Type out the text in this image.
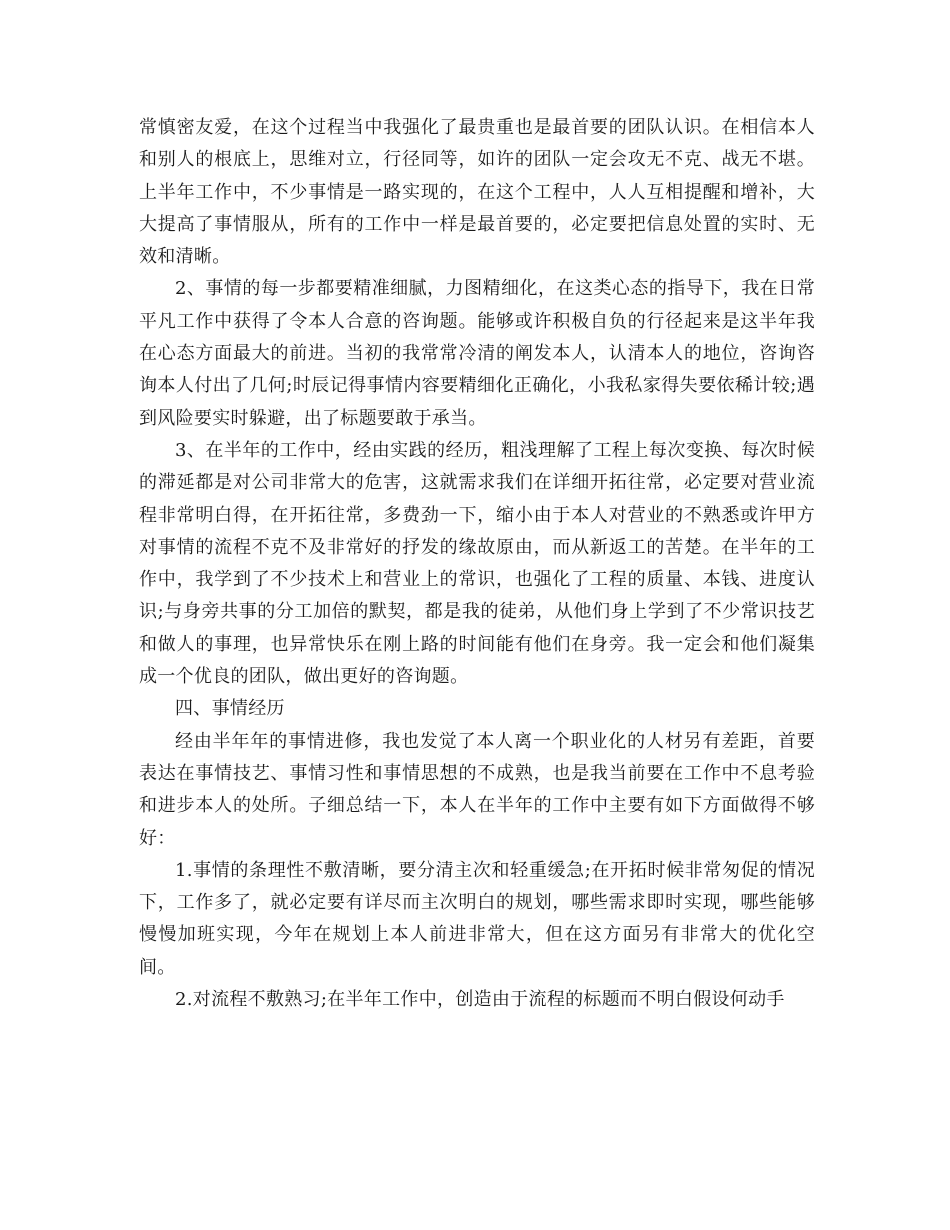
常慎密友爱，在这个过程当中我强化了最贵重也是最首要的团队认识。在相信本人和别人的根底上，思维对立，行径同等，如许的团队一定会攻无不克、战无不堪。上半年工作中，不少事情是一路实现的，在这个工程中，人人互相提醒和增补，大大提高了事情服从，所有的工作中一样是最首要的，必定要把信息处置的实时、无效和清晰。

2、事情的每一步都要精准细腻，力图精细化，在这类心态的指导下，我在日常平凡工作中获得了令本人合意的咨询题。能够或许积极自负的行径起来是这半年我在心态方面最大的前进。当初的我常常冷清的阐发本人，认清本人的地位，咨询咨询本人付出了几何;时辰记得事情内容要精细化正确化，小我私家得失要依稀计较;遇到风险要实时躲避，出了标题要敢于承当。

3、在半年的工作中，经由实践的经历，粗浅理解了工程上每次变换、每次时候的滞延都是对公司非常大的危害，这就需求我们在详细开拓往常，必定要对营业流程非常明白得，在开拓往常，多费劲一下，缩小由于本人对营业的不熟悉或许甲方对事情的流程不克不及非常好的抒发的缘故原由，而从新返工的苦楚。在半年的工作中，我学到了不少技术上和营业上的常识，也强化了工程的质量、本钱、进度认识;与身旁共事的分工加倍的默契，都是我的徒弟，从他们身上学到了不少常识技艺和做人的事理，也异常快乐在刚上路的时间能有他们在身旁。我一定会和他们凝集成一个优良的团队，做出更好的咨询题。

四、事情经历

经由半年年的事情进修，我也发觉了本人离一个职业化的人材另有差距，首要表达在事情技艺、事情习性和事情思想的不成熟，也是我当前要在工作中不息考验和进步本人的处所。子细总结一下，本人在半年的工作中主要有如下方面做得不够好：

1.事情的条理性不敷清晰，要分清主次和轻重缓急;在开拓时候非常匆促的情况下，工作多了，就必定要有详尽而主次明白的规划，哪些需求即时实现，哪些能够慢慢加班实现，今年在规划上本人前进非常大，但在这方面另有非常大的优化空间。

2.对流程不敷熟习;在半年工作中，创造由于流程的标题而不明白假设何动手
